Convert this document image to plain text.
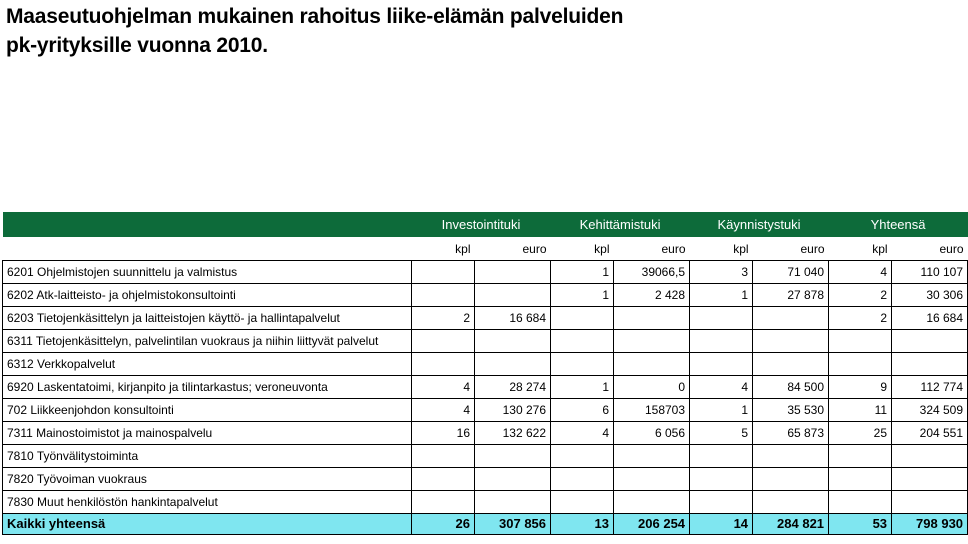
Maaseutuohjelman mukainen rahoitus liike-elämän palveluiden
pk-yrityksille vuonna 2010.
	Investointituki		Kehittämistuki		Käynnistystuki		Yhteensä	
	kpl	euro	kpl	euro	kpl	euro	kpl	euro
6201 Ohjelmistojen suunnittelu ja valmistus			1	39066,5	3	71 040	4	110 107
6202 Atk-laitteisto- ja ohjelmistokonsultointi			1	2 428	1	27 878	2	30 306
6203 Tietojenkäsittelyn ja laitteistojen käyttö- ja hallintapalvelut	2	16 684					2	16 684
6311 Tietojenkäsittelyn, palvelintilan vuokraus ja niihin liittyvät palvelut								
6312 Verkkopalvelut								
6920 Laskentatoimi, kirjanpito ja tilintarkastus; veroneuvonta	4	28 274	1	0	4	84 500	9	112 774
702 Liikkeenjohdon konsultointi	4	130 276	6	158703	1	35 530	11	324 509
7311 Mainostoimistot ja mainospalvelu	16	132 622	4	6 056	5	65 873	25	204 551
7810 Työnvälitystoiminta								
7820 Työvoiman vuokraus								
7830 Muut henkilöstön hankintapalvelut								
Kaikki yhteensä	26	307 856	13	206 254	14	284 821	53	798 930
